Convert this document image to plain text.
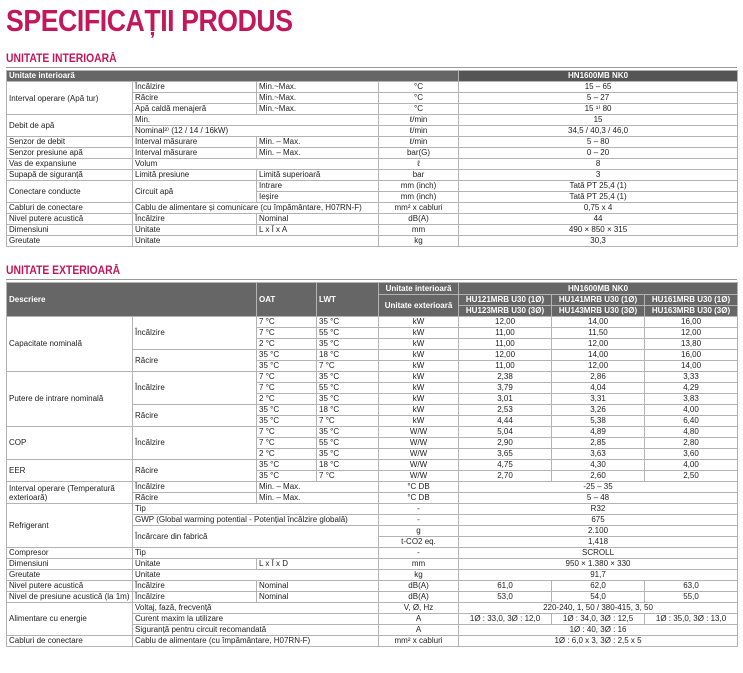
SPECIFICAȚII PRODUS
UNITATE INTERIOARĂ
Unitate interioară				HN1600MB NK0
Interval operare (Apă tur)	Încălzire	Min.~Max.	°C	15 – 65
	Răcire	Min.~Max.	°C	5 – 27
	Apă caldă menajeră	Min.~Max.	°C	15 ¹⁾ 80
Debit de apă	Min.		ℓ/min	15
	Nominal²⁾ (12 / 14 / 16kW)		ℓ/min	34,5 / 40,3 / 46,0
Senzor de debit	Interval măsurare	Min. – Max.	ℓ/min	5 – 80
Senzor presiune apă	Interval măsurare	Min. – Max.	bar(G)	0 – 20
Vas de expansiune	Volum		ℓ	8
Supapă de siguranță	Limită presiune	Limită superioară	bar	3
Conectare conducte	Circuit apă	Intrare	mm (inch)	Tată PT 25,4 (1)
		Ieșire	mm (inch)	Tată PT 25,4 (1)
Cabluri de conectare	Cablu de alimentare și comunicare (cu împământare, H07RN-F)		mm² x cabluri	0,75 x 4
Nivel putere acustică	Încălzire	Nominal	dB(A)	44
Dimensiuni	Unitate	L x Î x A	mm	490 × 850 × 315
Greutate	Unitate		kg	30,3
UNITATE EXTERIOARĂ
Descriere		OAT	LWT	Unitate interioară	HN1600MB NK0		
				Unitate exterioară	HU121MRB U30 (1Ø)	HU141MRB U30 (1Ø)	HU161MRB U30 (1Ø)
					HU123MRB U30 (3Ø)	HU143MRB U30 (3Ø)	HU163MRB U30 (3Ø)
Capacitate nominală	Încălzire	7 °C	35 °C	kW	12,00	14,00	16,00
		7 °C	55 °C	kW	11,00	11,50	12,00
		2 °C	35 °C	kW	11,00	12,00	13,80
	Răcire	35 °C	18 °C	kW	12,00	14,00	16,00
		35 °C	7 °C	kW	11,00	12,00	14,00
Putere de intrare nominală	Încălzire	7 °C	35 °C	kW	2,38	2,86	3,33
		7 °C	55 °C	kW	3,79	4,04	4,29
		2 °C	35 °C	kW	3,01	3,31	3,83
	Răcire	35 °C	18 °C	kW	2,53	3,26	4,00
		35 °C	7 °C	kW	4,44	5,38	6,40
COP	Încălzire	7 °C	35 °C	W/W	5,04	4,89	4,80
		7 °C	55 °C	W/W	2,90	2,85	2,80
		2 °C	35 °C	W/W	3,65	3,63	3,60
EER	Răcire	35 °C	18 °C	W/W	4,75	4,30	4,00
		35 °C	7 °C	W/W	2,70	2,60	2,50
Interval operare (Temperatură exterioară)	Încălzire	Min. – Max.		°C DB	-25 – 35		
	Răcire	Min. – Max.		°C DB	5 – 48		
Refrigerant	Tip			-	R32		
	GWP (Global warming potential - Potențial încălzire globală)			-	675		
	Încărcare din fabrică			g	2.100		
				t-CO2 eq.	1,418		
Compresor	Tip			-	SCROLL		
Dimensiuni	Unitate	L x Î x D		mm	950 × 1.380 × 330		
Greutate	Unitate			kg	91,7		
Nivel putere acustică	Încălzire	Nominal		dB(A)	61,0	62,0	63,0
Nivel de presiune acustică (la 1m)	Încălzire	Nominal		dB(A)	53,0	54,0	55,0
Alimentare cu energie	Voltaj, fază, frecvență			V, Ø, Hz	220-240, 1, 50 / 380-415, 3, 50		
	Curent maxim la utilizare			A	1Ø : 33,0, 3Ø : 12,0	1Ø : 34,0, 3Ø : 12,5	1Ø : 35,0, 3Ø : 13,0
	Siguranță pentru circuit recomandată			A	1Ø : 40, 3Ø : 16		
Cabluri de conectare	Cablu de alimentare (cu împământare, H07RN-F)			mm² x cabluri	1Ø : 6,0 x 3, 3Ø : 2,5 x 5		
